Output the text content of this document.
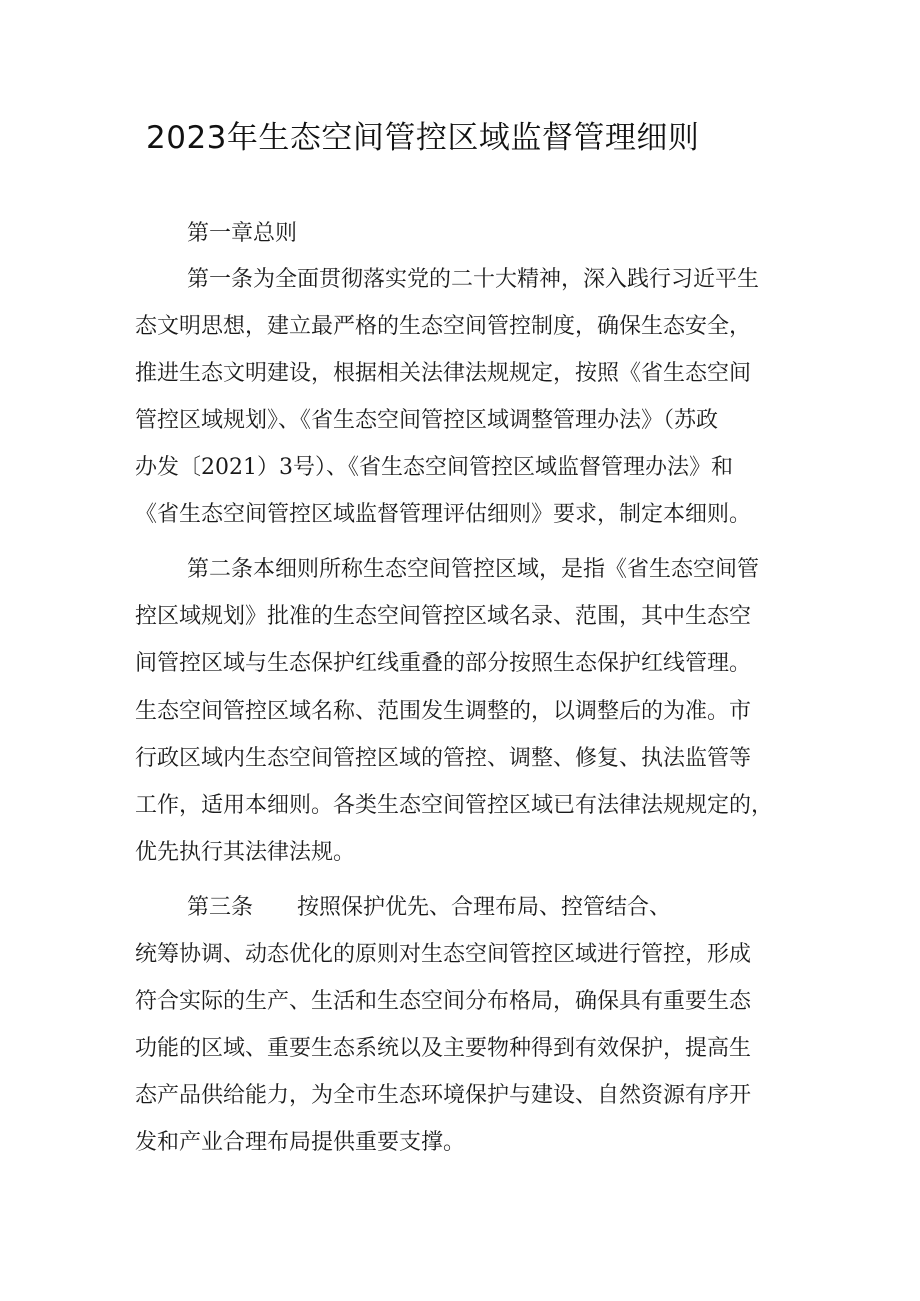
2023年生态空间管控区域监督管理细则
第一章总则
第一条为全面贯彻落实党的二十大精神，深入践行习近平生
态文明思想，建立最严格的生态空间管控制度，确保生态安全，
推进生态文明建设，根据相关法律法规规定，按照《省生态空间
管控区域规划》、《省生态空间管控区域调整管理办法》（苏政
办发〔2021）3号）、《省生态空间管控区域监督管理办法》和
《省生态空间管控区域监督管理评估细则》要求，制定本细则。
第二条本细则所称生态空间管控区域，是指《省生态空间管
控区域规划》批准的生态空间管控区域名录、范围，其中生态空
间管控区域与生态保护红线重叠的部分按照生态保护红线管理。
生态空间管控区域名称、范围发生调整的，以调整后的为准。市
行政区域内生态空间管控区域的管控、调整、修复、执法监管等
工作，适用本细则。各类生态空间管控区域已有法律法规规定的，
优先执行其法律法规。
第三条　　按照保护优先、合理布局、控管结合、
统筹协调、动态优化的原则对生态空间管控区域进行管控，形成
符合实际的生产、生活和生态空间分布格局，确保具有重要生态
功能的区域、重要生态系统以及主要物种得到有效保护，提高生
态产品供给能力，为全市生态环境保护与建设、自然资源有序开
发和产业合理布局提供重要支撑。
